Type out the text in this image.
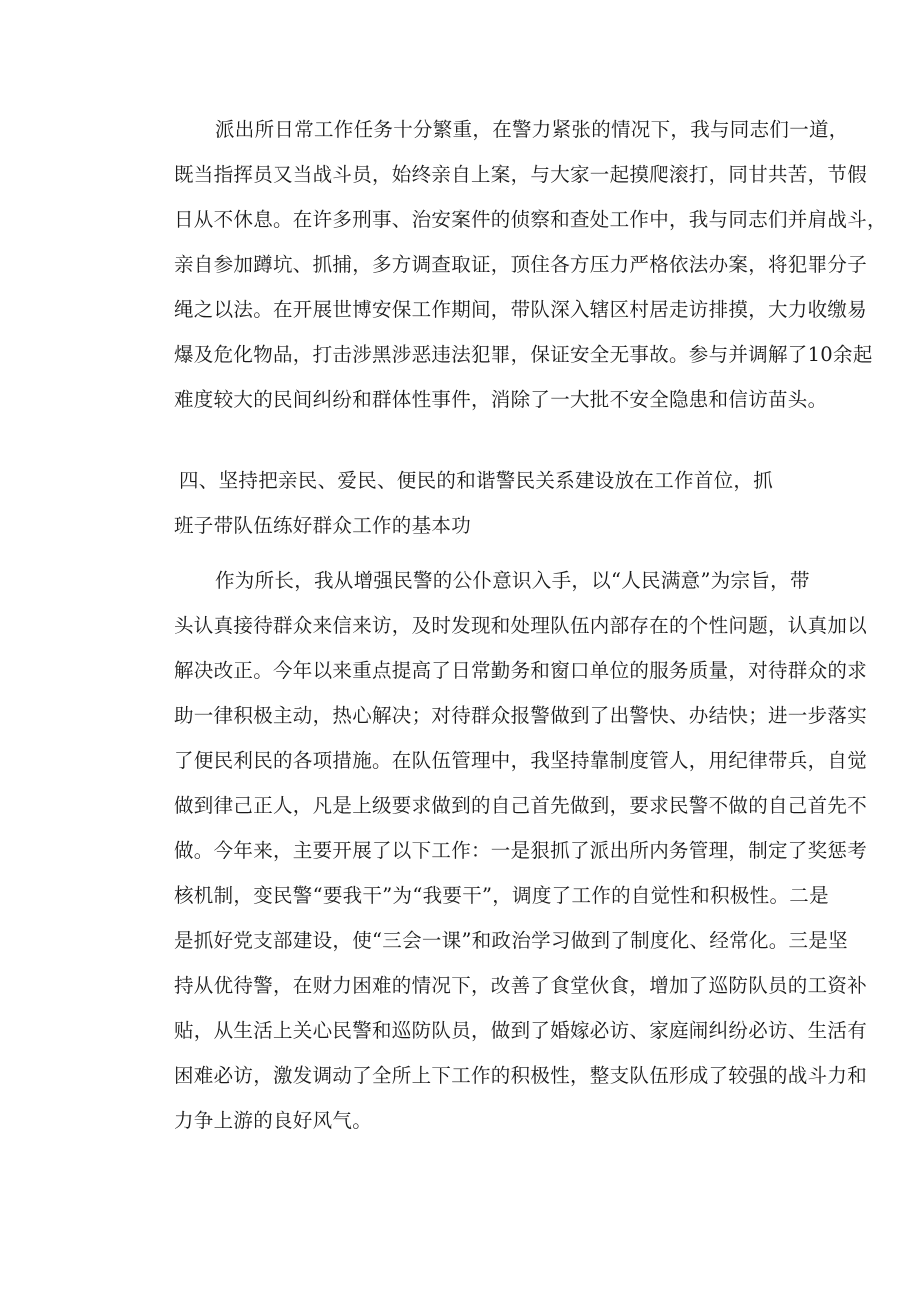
派出所日常工作任务十分繁重，在警力紧张的情况下，我与同志们一道，
既当指挥员又当战斗员，始终亲自上案，与大家一起摸爬滚打，同甘共苦，节假
日从不休息。在许多刑事、治安案件的侦察和查处工作中，我与同志们并肩战斗，
亲自参加蹲坑、抓捕，多方调查取证，顶住各方压力严格依法办案，将犯罪分子
绳之以法。在开展世博安保工作期间，带队深入辖区村居走访排摸，大力收缴易
爆及危化物品，打击涉黑涉恶违法犯罪，保证安全无事故。参与并调解了10余起
难度较大的民间纠纷和群体性事件，消除了一大批不安全隐患和信访苗头。
四、坚持把亲民、爱民、便民的和谐警民关系建设放在工作首位，抓
班子带队伍练好群众工作的基本功
作为所长，我从增强民警的公仆意识入手，以“人民满意”为宗旨，带
头认真接待群众来信来访，及时发现和处理队伍内部存在的个性问题，认真加以
解决改正。今年以来重点提高了日常勤务和窗口单位的服务质量，对待群众的求
助一律积极主动，热心解决；对待群众报警做到了出警快、办结快；进一步落实
了便民利民的各项措施。在队伍管理中，我坚持靠制度管人，用纪律带兵，自觉
做到律己正人，凡是上级要求做到的自己首先做到，要求民警不做的自己首先不
做。今年来，主要开展了以下工作：一是狠抓了派出所内务管理，制定了奖惩考
核机制，变民警“要我干”为“我要干”，调度了工作的自觉性和积极性。二是
是抓好党支部建设，使“三会一课”和政治学习做到了制度化、经常化。三是坚
持从优待警，在财力困难的情况下，改善了食堂伙食，增加了巡防队员的工资补
贴，从生活上关心民警和巡防队员，做到了婚嫁必访、家庭闹纠纷必访、生活有
困难必访，激发调动了全所上下工作的积极性，整支队伍形成了较强的战斗力和
力争上游的良好风气。
